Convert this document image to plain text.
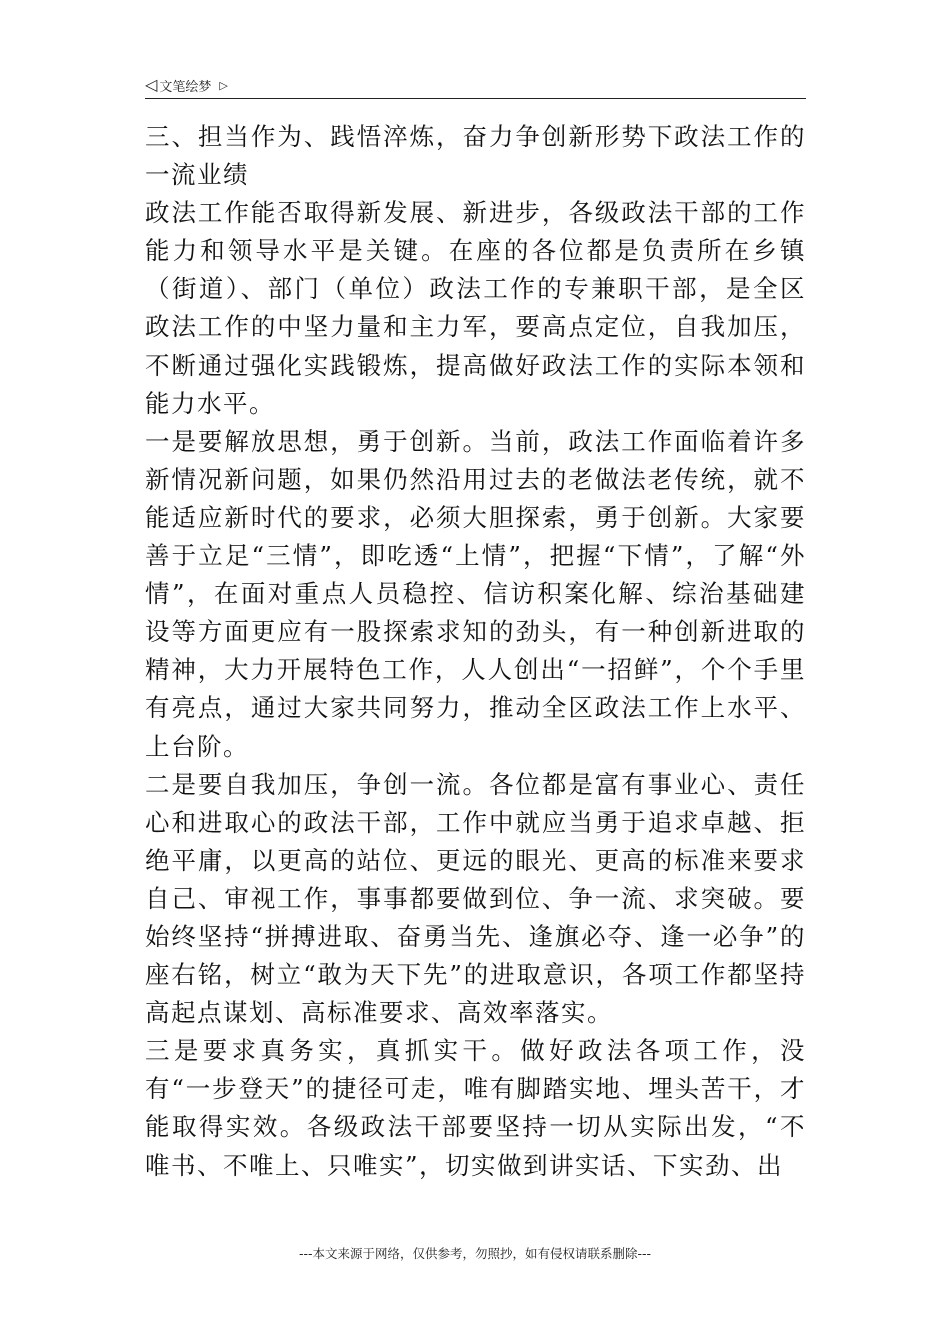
◁ 文笔绘梦 ▷

三、担当作为、践悟淬炼，奋力争创新形势下政法工作的一流业绩

政法工作能否取得新发展、新进步，各级政法干部的工作能力和领导水平是关键。在座的各位都是负责所在乡镇（街道）、部门（单位）政法工作的专兼职干部，是全区政法工作的中坚力量和主力军，要高点定位，自我加压，不断通过强化实践锻炼，提高做好政法工作的实际本领和能力水平。

一是要解放思想，勇于创新。当前，政法工作面临着许多新情况新问题，如果仍然沿用过去的老做法老传统，就不能适应新时代的要求，必须大胆探索，勇于创新。大家要善于立足“三情”，即吃透“上情”，把握“下情”，了解“外情”，在面对重点人员稳控、信访积案化解、综治基础建设等方面更应有一股探索求知的劲头，有一种创新进取的精神，大力开展特色工作，人人创出“一招鲜”，个个手里有亮点，通过大家共同努力，推动全区政法工作上水平、上台阶。

二是要自我加压，争创一流。各位都是富有事业心、责任心和进取心的政法干部，工作中就应当勇于追求卓越、拒绝平庸，以更高的站位、更远的眼光、更高的标准来要求自己、审视工作，事事都要做到位、争一流、求突破。要始终坚持“拼搏进取、奋勇当先、逢旗必夺、逢一必争”的座右铭，树立“敢为天下先”的进取意识，各项工作都坚持高起点谋划、高标准要求、高效率落实。

三是要求真务实，真抓实干。做好政法各项工作，没有“一步登天”的捷径可走，唯有脚踏实地、埋头苦干，才能取得实效。各级政法干部要坚持一切从实际出发，“不唯书、不唯上、只唯实”，切实做到讲实话、下实劲、出

---本文来源于网络，仅供参考，勿照抄，如有侵权请联系删除---
